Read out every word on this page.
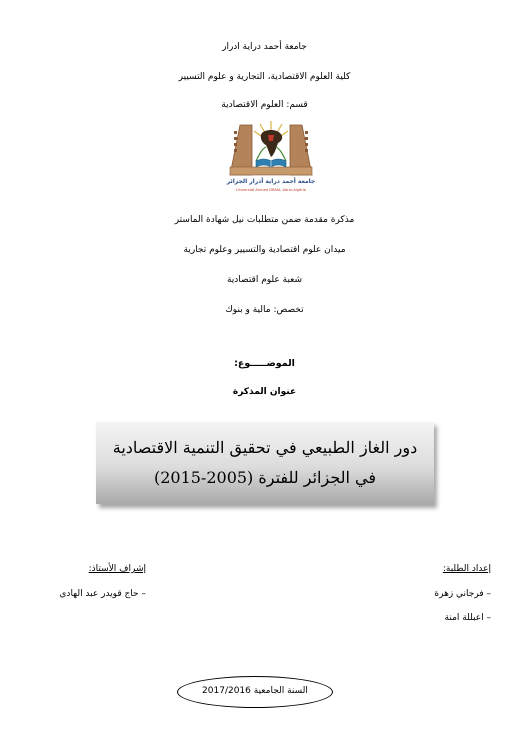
جامعة أحمد دراية ادرار
كلية العلوم الاقتصادية، التجارية و علوم التسيير
قسم: العلوم الاقتصادية
جامعة أحمد دراية أدرار الجزائر
Université Ahmed DRAIA. Adrar-Algérie
مذكرة مقدمة ضمن متطلبات نيل شهادة الماستر
ميدان علوم اقتصادية والتسيير وعلوم تجارية
شعبة علوم اقتصادية
تخصص: مالية و بنوك
الموضـــــوع:
عنوان المذكرة
دور الغاز الطبيعي في تحقيق التنمية الاقتصادية
في الجزائر للفترة (2005-2015)
إعداد الطلبة:
– فرجاني زهرة
– اعبللة امنة
إشراف الأستاذ:
– حاج قويدر عبد الهادي
السنة الجامعية 2017/2016
